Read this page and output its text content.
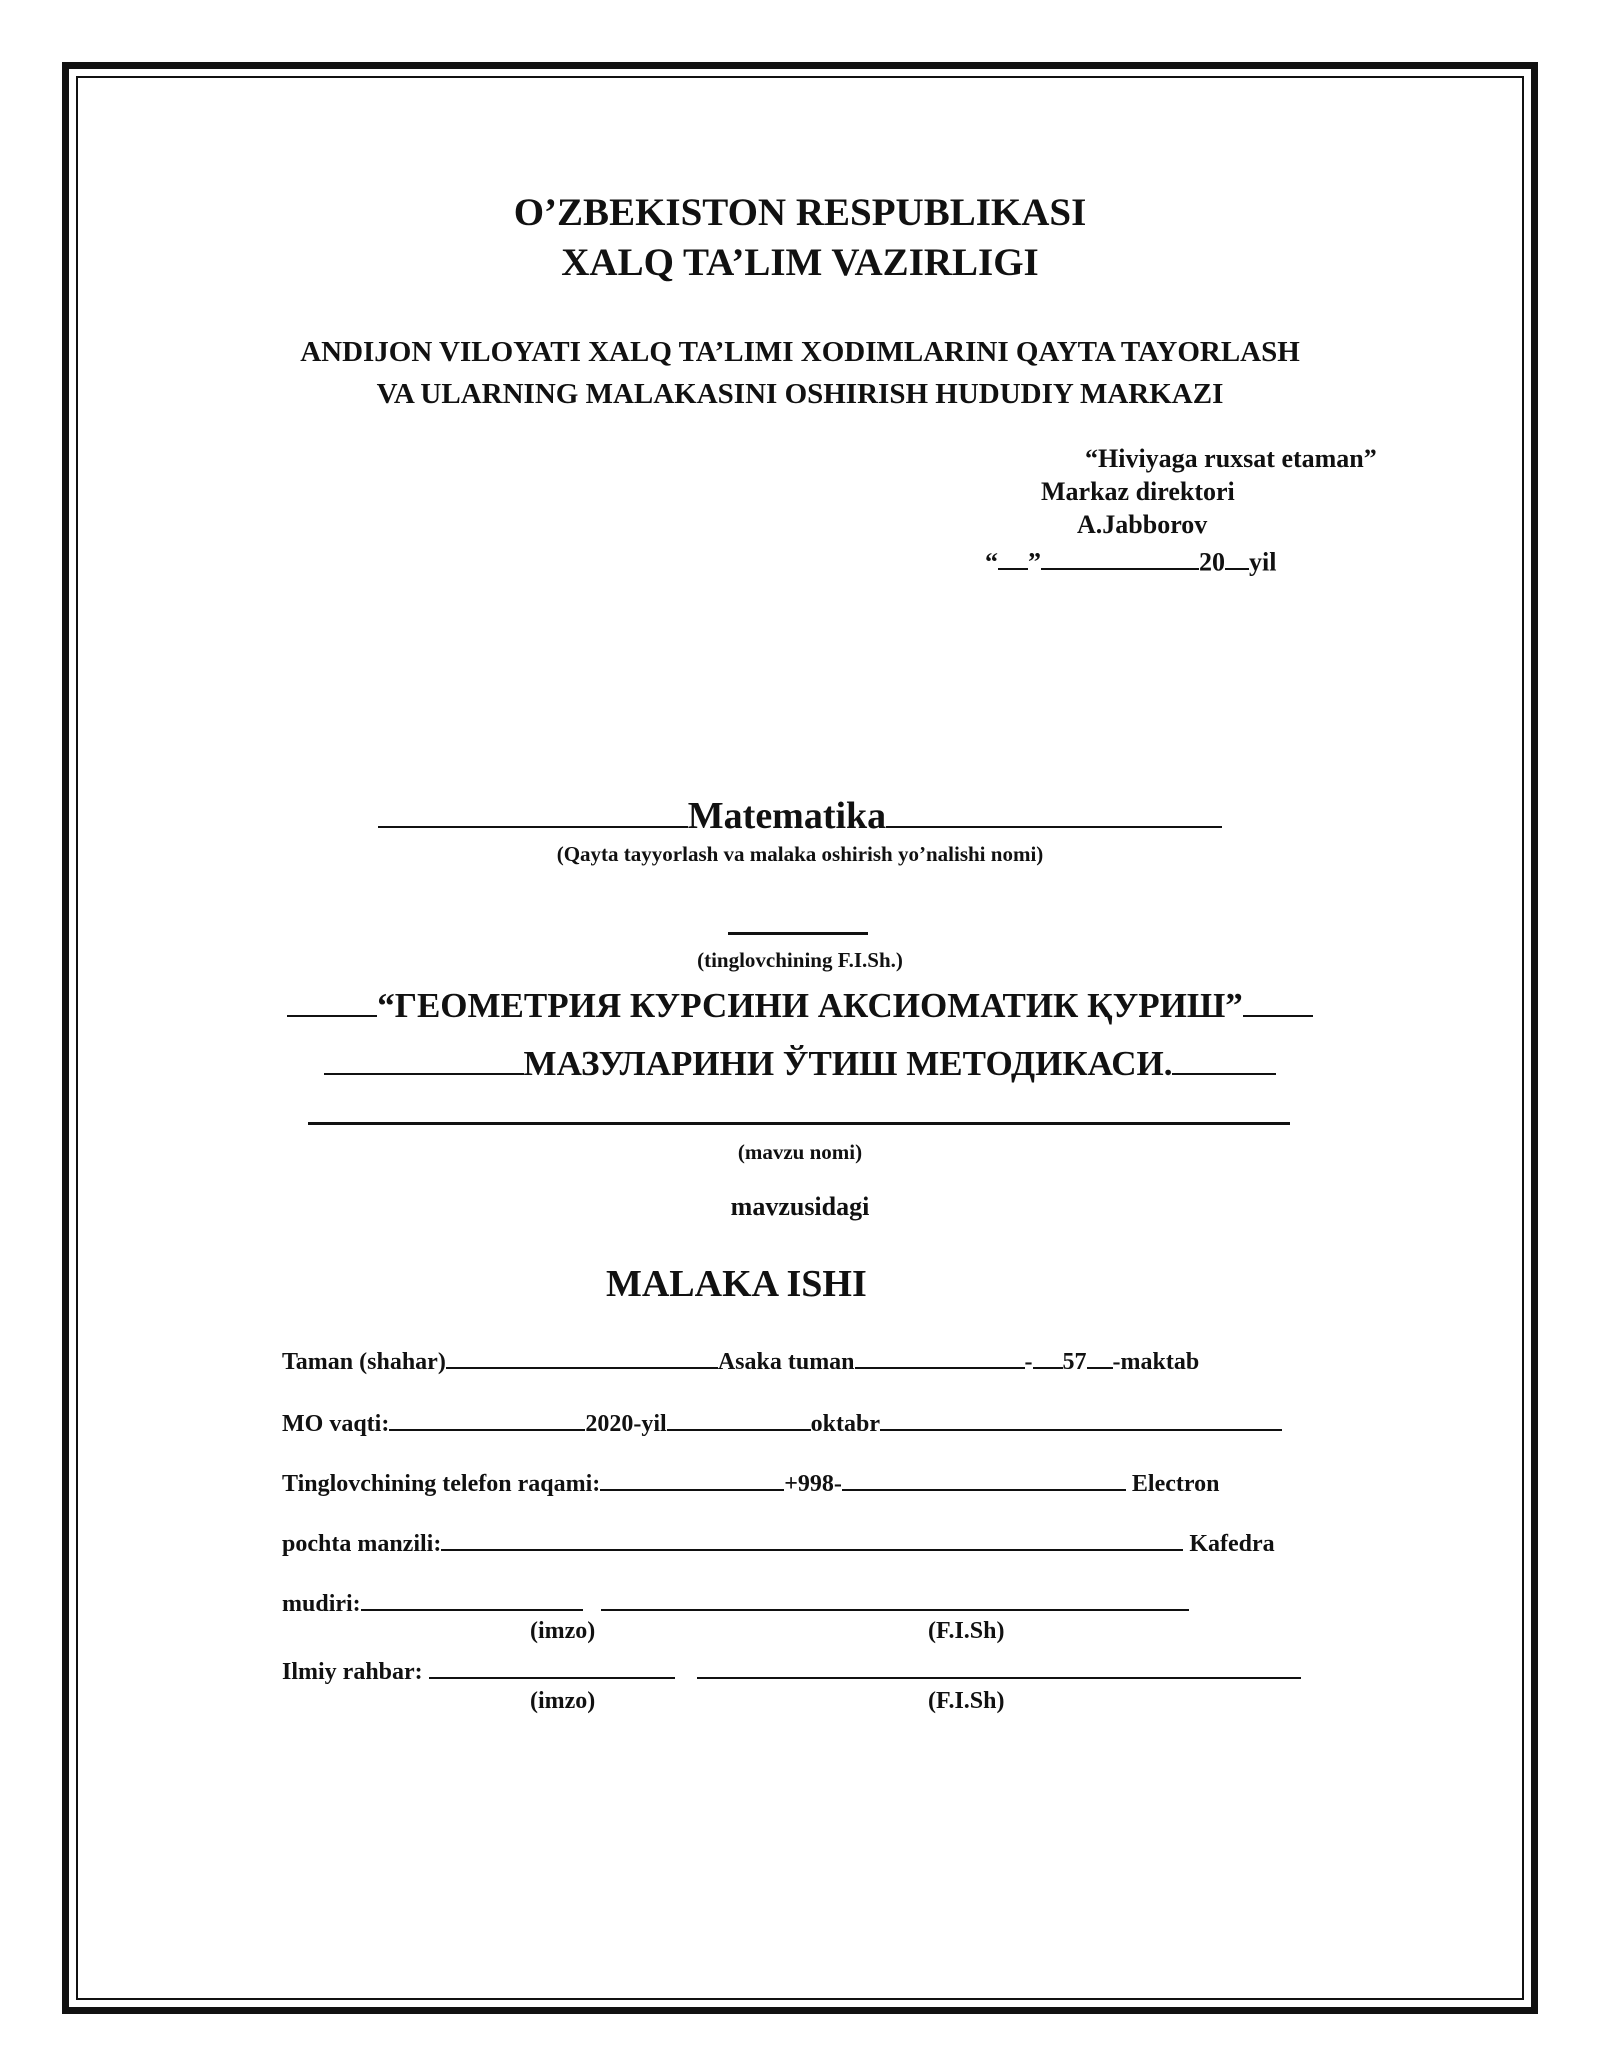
O’ZBEKISTON RESPUBLIKASI
XALQ TA’LIM VAZIRLIGI
ANDIJON VILOYATI XALQ TA’LIMI XODIMLARINI QAYTA TAYORLASH
VA ULARNING MALAKASINI OSHIRISH HUDUDIY MARKAZI
“Hiviyaga ruxsat etaman”
Markaz direktori
A.Jabborov
“ ”	20 yil
Matematika
(Qayta tayyorlash va malaka oshirish yo’nalishi nomi)
(tinglovchining F.I.Sh.)
“ГЕОМЕТРИЯ КУРСИНИ АКСИОМАТИК ҚУРИШ”
МАЗУЛАРИНИ ЎТИШ МЕТОДИКАСИ.
(mavzu nomi)
mavzusidagi
MALAKA ISHI
Taman (shahar)	Asaka tuman	- 57 -maktab
MO vaqti:	2020-yil	oktabr
Tinglovchining telefon raqami:	+998-	Electron
pochta manzili:	Kafedra
mudiri:
(imzo)	(F.I.Sh)
Ilmiy rahbar:
(imzo)	(F.I.Sh)
